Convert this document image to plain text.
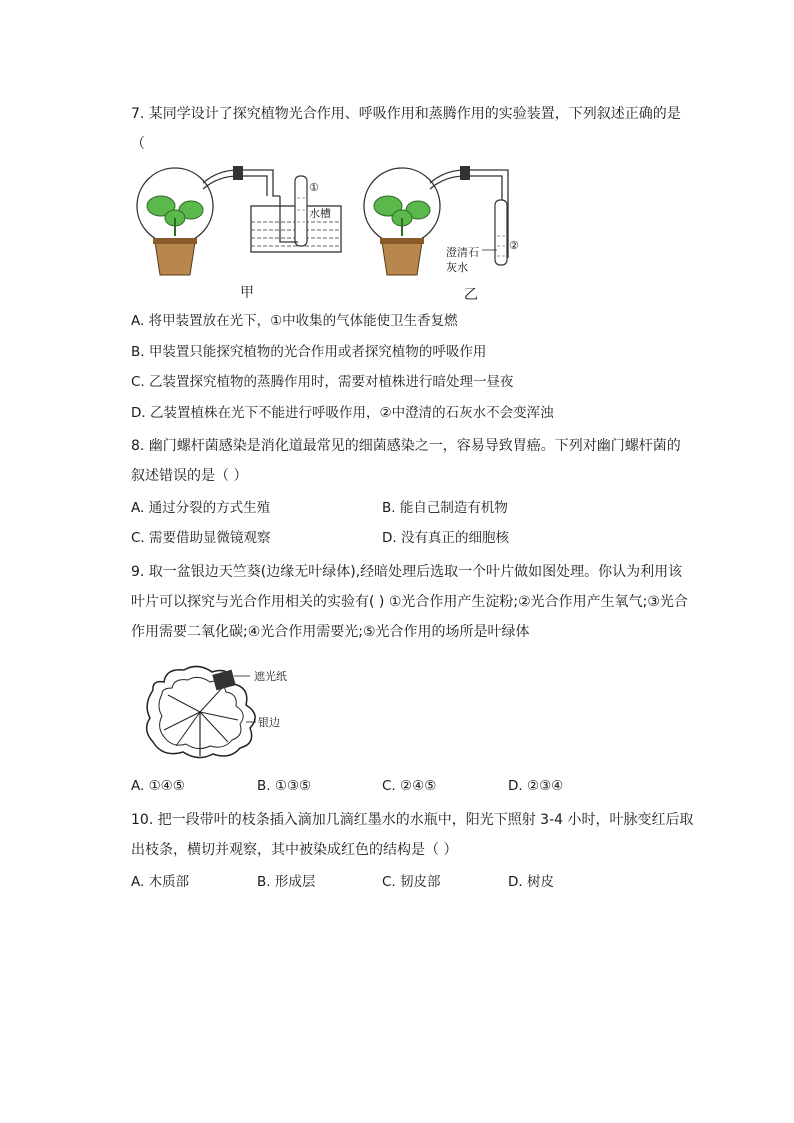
7. 某同学设计了探究植物光合作用、呼吸作用和蒸腾作用的实验装置，下列叙述正确的是
（
①
水槽
②
澄清石
灰水
甲	乙
A. 将甲装置放在光下，①中收集的气体能使卫生香复燃
B. 甲装置只能探究植物的光合作用或者探究植物的呼吸作用
C. 乙装置探究植物的蒸腾作用时，需要对植株进行暗处理一昼夜
D. 乙装置植株在光下不能进行呼吸作用，②中澄清的石灰水不会变浑浊
8. 幽门螺杆菌感染是消化道最常见的细菌感染之一，容易导致胃癌。下列对幽门螺杆菌的
叙述错误的是（ ）
A. 通过分裂的方式生殖	B. 能自己制造有机物
C. 需要借助显微镜观察	D. 没有真正的细胞核
9. 取一盆银边天竺葵(边缘无叶绿体),经暗处理后选取一个叶片做如图处理。你认为利用该
叶片可以探究与光合作用相关的实验有( ) ①光合作用产生淀粉;②光合作用产生氧气;③光合
作用需要二氧化碳;④光合作用需要光;⑤光合作用的场所是叶绿体
遮光纸
银边
A. ①④⑤	B. ①③⑤	C. ②④⑤	D. ②③④
10. 把一段带叶的枝条插入滴加几滴红墨水的水瓶中，阳光下照射 3-4 小时，叶脉变红后取
出枝条，横切并观察，其中被染成红色的结构是（ ）
A. 木质部	B. 形成层	C. 韧皮部	D. 树皮
